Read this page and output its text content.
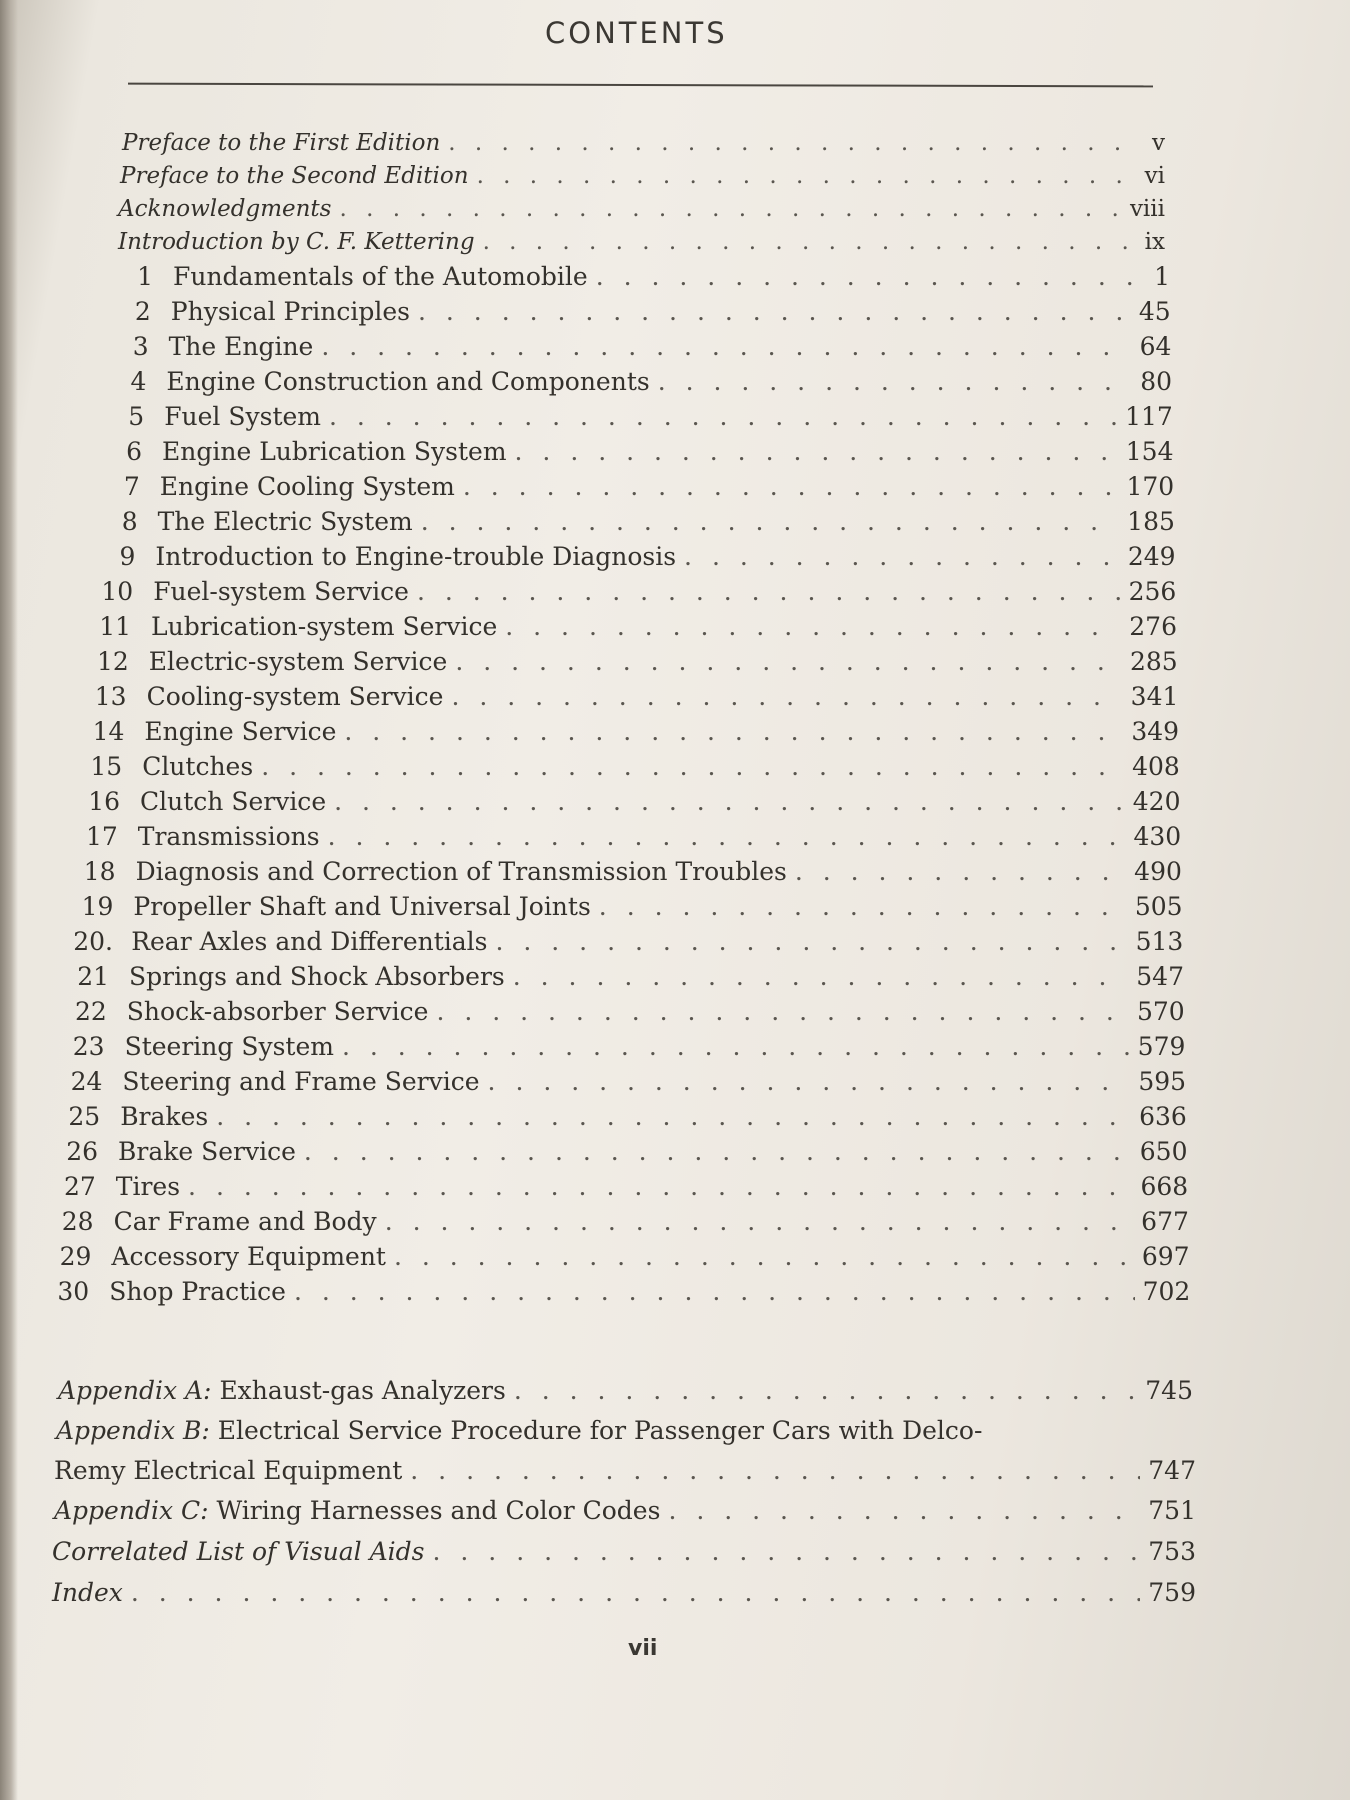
CONTENTS
Preface to the First Edition . . .	v
Preface to the Second Edition . . .	vi
Acknowledgments . . .	viii
Introduction by C. F. Kettering . . .	ix
1 Fundamentals of the Automobile . . .	1
2 Physical Principles . . .	45
3 The Engine . . .	64
4 Engine Construction and Components . . .	80
5 Fuel System . . .	117
6 Engine Lubrication System . . .	154
7 Engine Cooling System . . .	170
8 The Electric System . . .	185
9 Introduction to Engine-trouble Diagnosis . . .	249
10 Fuel-system Service . . .	256
11 Lubrication-system Service . . .	276
12 Electric-system Service . . .	285
13 Cooling-system Service . . .	341
14 Engine Service . . .	349
15 Clutches . . .	408
16 Clutch Service . . .	420
17 Transmissions . . .	430
18 Diagnosis and Correction of Transmission Troubles . . .	490
19 Propeller Shaft and Universal Joints . . .	505
20. Rear Axles and Differentials . . .	513
21 Springs and Shock Absorbers . . .	547
22 Shock-absorber Service . . .	570
23 Steering System . . .	579
24 Steering and Frame Service . . .	595
25 Brakes . . .	636
26 Brake Service . . .	650
27 Tires . . .	668
28 Car Frame and Body . . .	677
29 Accessory Equipment . . .	697
30 Shop Practice . . .	702
Appendix A: Exhaust-gas Analyzers . . .	745
Appendix B: Electrical Service Procedure for Passenger Cars with Delco-
Remy Electrical Equipment . . .	747
Appendix C: Wiring Harnesses and Color Codes . . .	751
Correlated List of Visual Aids . . .	753
Index . . .	759
vii
